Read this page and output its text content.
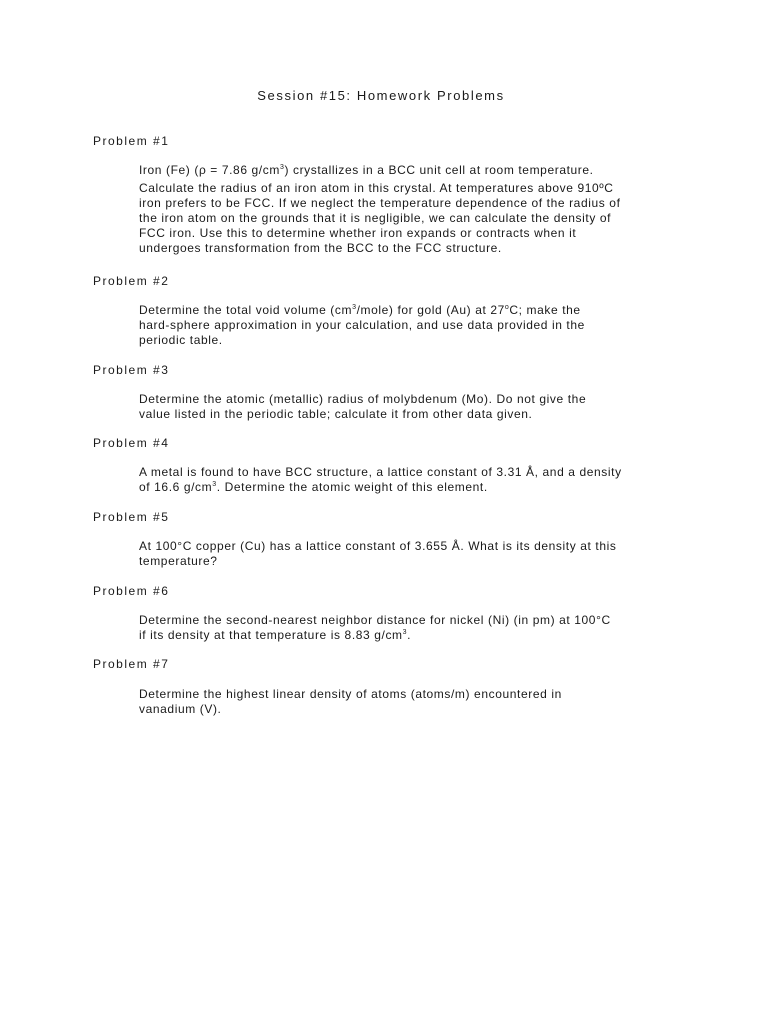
Session #15: Homework Problems
Problem #1
Iron (Fe) (ρ = 7.86 $g/cm^3$) crystallizes in a BCC unit cell at room temperature.
Calculate the radius of an iron atom in this crystal. At temperatures above 910ºC
iron prefers to be FCC. If we neglect the temperature dependence of the radius of
the iron atom on the grounds that it is negligible, we can calculate the density of
FCC iron. Use this to determine whether iron expands or contracts when it
undergoes transformation from the BCC to the FCC structure.
Problem #2
Determine the total void volume $(cm^3/mole)$ for gold (Au) at 27$^o$C; make the
hard-sphere approximation in your calculation, and use data provided in the
periodic table.
Problem #3
Determine the atomic (metallic) radius of molybdenum (Mo). Do not give the
value listed in the periodic table; calculate it from other data given.
Problem #4
A metal is found to have BCC structure, a lattice constant of 3.31 Å, and a density
of 16.6 $g/cm^3$. Determine the atomic weight of this element.
Problem #5
At 100°C copper (Cu) has a lattice constant of 3.655 Å. What is its density at this
temperature?
Problem #6
Determine the second-nearest neighbor distance for nickel (Ni) (in pm) at 100°C
if its density at that temperature is 8.83 $g/cm^3$.
Problem #7
Determine the highest linear density of atoms (atoms/m) encountered in
vanadium (V).
